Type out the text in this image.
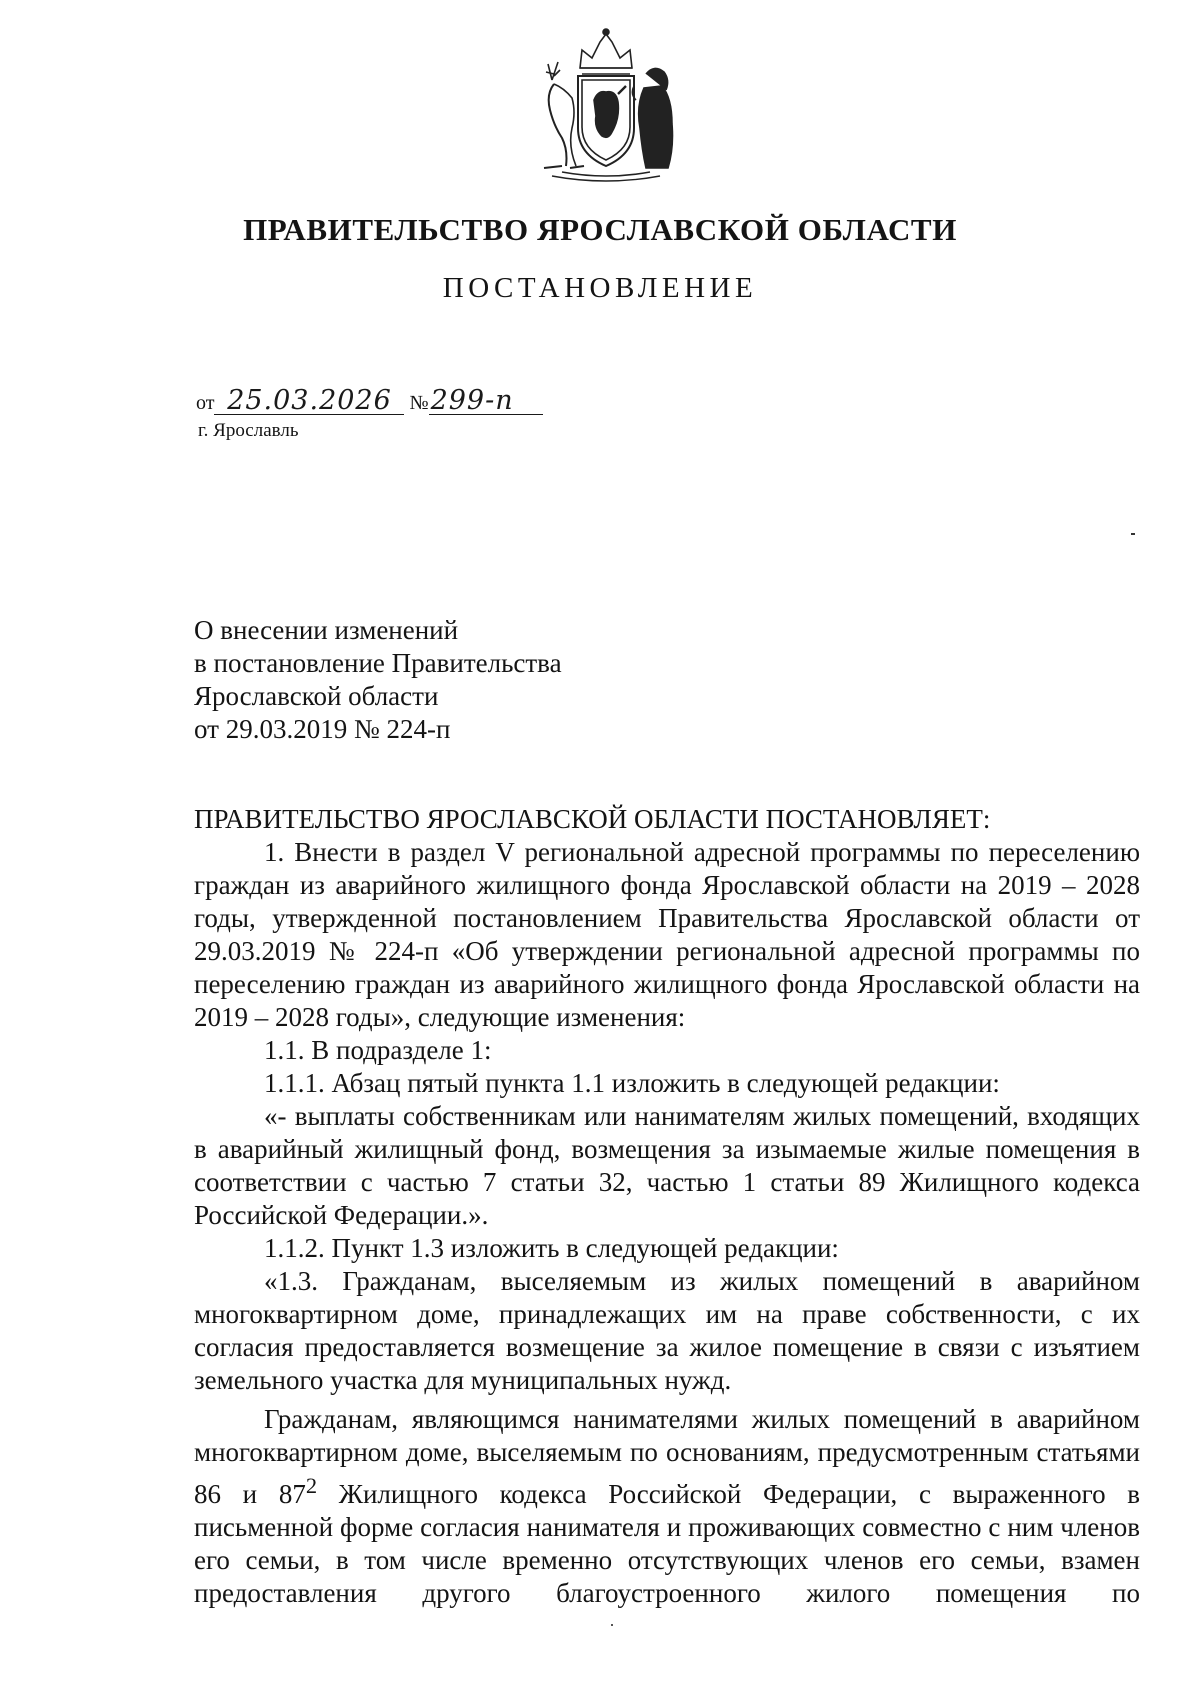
ПРАВИТЕЛЬСТВО ЯРОСЛАВСКОЙ ОБЛАСТИ
ПОСТАНОВЛЕНИЕ
от 25.03.2026 №299-п
г. Ярославль
О внесении изменений
в постановление Правительства
Ярославской области
от 29.03.2019 № 224-п

ПРАВИТЕЛЬСТВО ЯРОСЛАВСКОЙ ОБЛАСТИ ПОСТАНОВЛЯЕТ:

1. Внести в раздел V региональной адресной программы по переселению граждан из аварийного жилищного фонда Ярославской области на 2019 – 2028 годы, утвержденной постановлением Правительства Ярославской области от 29.03.2019 № 224-п «Об утверждении региональной адресной программы по переселению граждан из аварийного жилищного фонда Ярославской области на 2019 – 2028 годы», следующие изменения:

1.1. В подразделе 1:

1.1.1. Абзац пятый пункта 1.1 изложить в следующей редакции:

«- выплаты собственникам или нанимателям жилых помещений, входящих в аварийный жилищный фонд, возмещения за изымаемые жилые помещения в соответствии с частью 7 статьи 32, частью 1 статьи 89 Жилищного кодекса Российской Федерации.».

1.1.2. Пункт 1.3 изложить в следующей редакции:

«1.3. Гражданам, выселяемым из жилых помещений в аварийном многоквартирном доме, принадлежащих им на праве собственности, с их согласия предоставляется возмещение за жилое помещение в связи с изъятием земельного участка для муниципальных нужд.

Гражданам, являющимся нанимателями жилых помещений в аварийном многоквартирном доме, выселяемым по основаниям, предусмотренным статьями 86 и $87^2$ Жилищного кодекса Российской Федерации, с выраженного в письменной форме согласия нанимателя и проживающих совместно с ним членов его семьи, в том числе временно отсутствующих членов его семьи, взамен предоставления другого благоустроенного жилого помещения по
